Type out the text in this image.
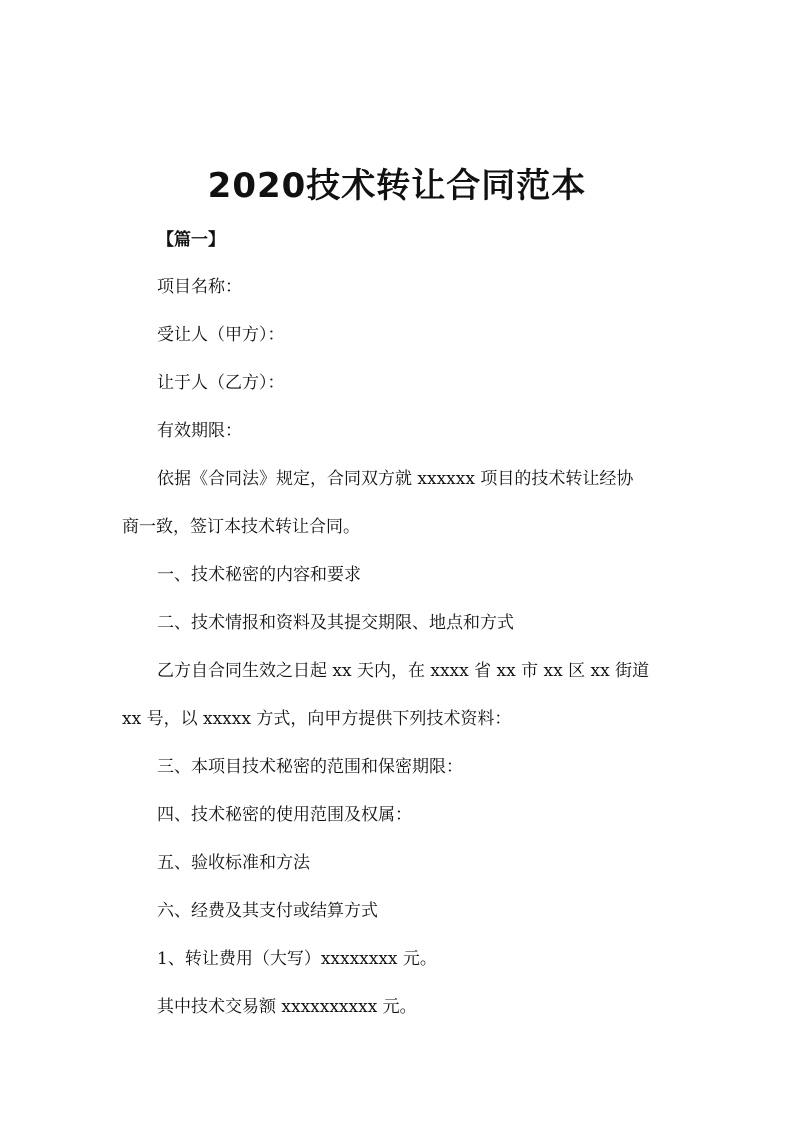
2020技术转让合同范本

【篇一】

项目名称：

受让人（甲方）：

让于人（乙方）：

有效期限：

依据《合同法》规定，合同双方就 xxxxxx 项目的技术转让经协

商一致，签订本技术转让合同。

一、技术秘密的内容和要求

二、技术情报和资料及其提交期限、地点和方式

乙方自合同生效之日起 xx 天内，在 xxxx 省 xx 市 xx 区 xx 街道

xx 号，以 xxxxx 方式，向甲方提供下列技术资料：

三、本项目技术秘密的范围和保密期限：

四、技术秘密的使用范围及权属：

五、验收标准和方法

六、经费及其支付或结算方式

1、转让费用（大写）xxxxxxxx 元。

其中技术交易额 xxxxxxxxxx 元。
